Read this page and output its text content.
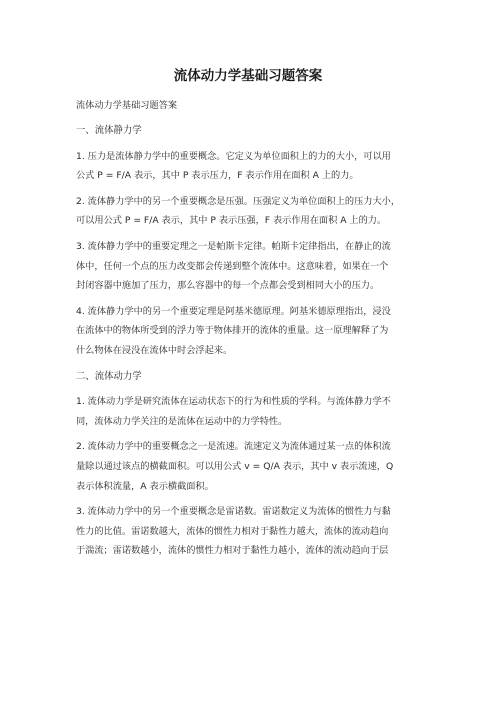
流体动力学基础习题答案
流体动力学基础习题答案
一、流体静力学
1. 压力是流体静力学中的重要概念。它定义为单位面积上的力的大小，可以用
公式 P = F/A 表示，其中 P 表示压力，F 表示作用在面积 A 上的力。
2. 流体静力学中的另一个重要概念是压强。压强定义为单位面积上的压力大小，
可以用公式 P = F/A 表示，其中 P 表示压强，F 表示作用在面积 A 上的力。
3. 流体静力学中的重要定理之一是帕斯卡定律。帕斯卡定律指出，在静止的流
体中，任何一个点的压力改变都会传递到整个流体中。这意味着，如果在一个
封闭容器中施加了压力，那么容器中的每一个点都会受到相同大小的压力。
4. 流体静力学中的另一个重要定理是阿基米德原理。阿基米德原理指出，浸没
在流体中的物体所受到的浮力等于物体排开的流体的重量。这一原理解释了为
什么物体在浸没在流体中时会浮起来。
二、流体动力学
1. 流体动力学是研究流体在运动状态下的行为和性质的学科。与流体静力学不
同，流体动力学关注的是流体在运动中的力学特性。
2. 流体动力学中的重要概念之一是流速。流速定义为流体通过某一点的体积流
量除以通过该点的横截面积。可以用公式 v = Q/A 表示，其中 v 表示流速，Q
表示体积流量，A 表示横截面积。
3. 流体动力学中的另一个重要概念是雷诺数。雷诺数定义为流体的惯性力与黏
性力的比值。雷诺数越大，流体的惯性力相对于黏性力越大，流体的流动趋向
于湍流；雷诺数越小，流体的惯性力相对于黏性力越小，流体的流动趋向于层
